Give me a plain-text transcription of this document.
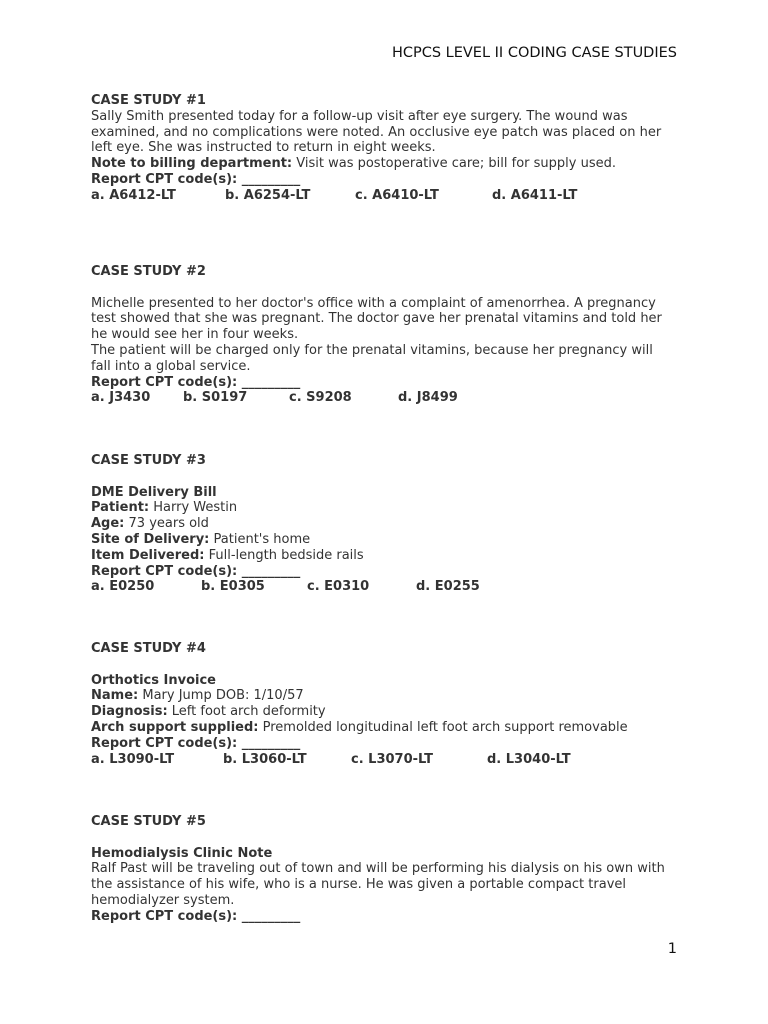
HCPCS LEVEL II CODING CASE STUDIES
CASE STUDY #1
Sally Smith presented today for a follow-up visit after eye surgery. The wound was
examined, and no complications were noted. An occlusive eye patch was placed on her
left eye. She was instructed to return in eight weeks.
Note to billing department: Visit was postoperative care; bill for supply used.
Report CPT code(s): _________
a. A6412-LT	b. A6254-LT	c. A6410-LT	d. A6411-LT
CASE STUDY #2

Michelle presented to her doctor's office with a complaint of amenorrhea. A pregnancy
test showed that she was pregnant. The doctor gave her prenatal vitamins and told her
he would see her in four weeks.
The patient will be charged only for the prenatal vitamins, because her pregnancy will
fall into a global service.
Report CPT code(s): _________
a. J3430	b. S0197	c. S9208	d. J8499
CASE STUDY #3

DME Delivery Bill
Patient: Harry Westin
Age: 73 years old
Site of Delivery: Patient's home
Item Delivered: Full-length bedside rails
Report CPT code(s): _________
a. E0250	b. E0305	c. E0310	d. E0255
CASE STUDY #4

Orthotics Invoice
Name: Mary Jump DOB: 1/10/57
Diagnosis: Left foot arch deformity
Arch support supplied: Premolded longitudinal left foot arch support removable
Report CPT code(s): _________
a. L3090-LT	b. L3060-LT	c. L3070-LT	d. L3040-LT
CASE STUDY #5

Hemodialysis Clinic Note
Ralf Past will be traveling out of town and will be performing his dialysis on his own with
the assistance of his wife, who is a nurse. He was given a portable compact travel
hemodialyzer system.
Report CPT code(s): _________
1
